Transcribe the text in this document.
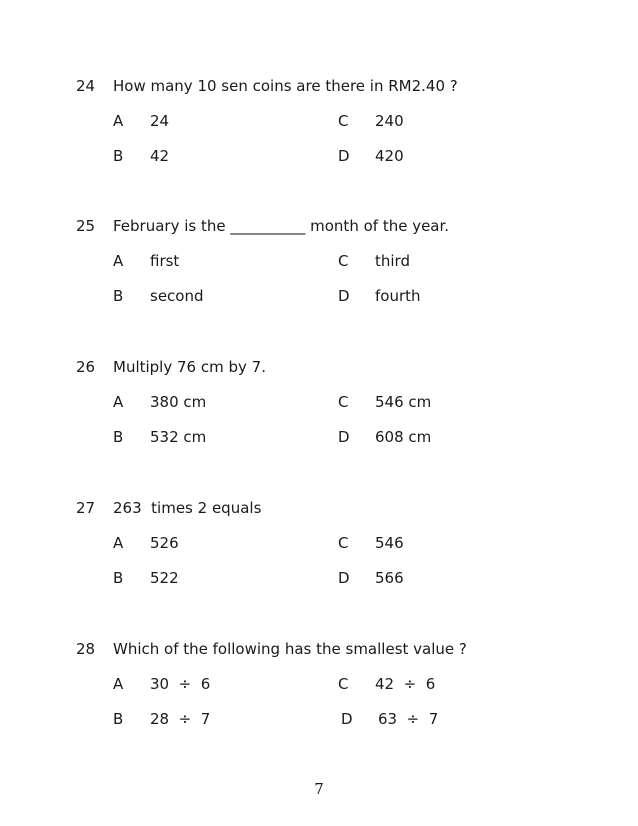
24 How many 10 sen coins are there in RM2.40 ?
A 24
B 42
C 240
D 420
25 February is the __________ month of the year.
A first
B second
C third
D fourth
26 Multiply 76 cm by 7.
A 380 cm
B 532 cm
C 546 cm
D 608 cm
27 263  times 2 equals
A 526
B 522
C 546
D 566
28 Which of the following has the smallest value ?
A 30  ÷  6
B 28  ÷  7
C 42  ÷  6
D 63  ÷  7
7
